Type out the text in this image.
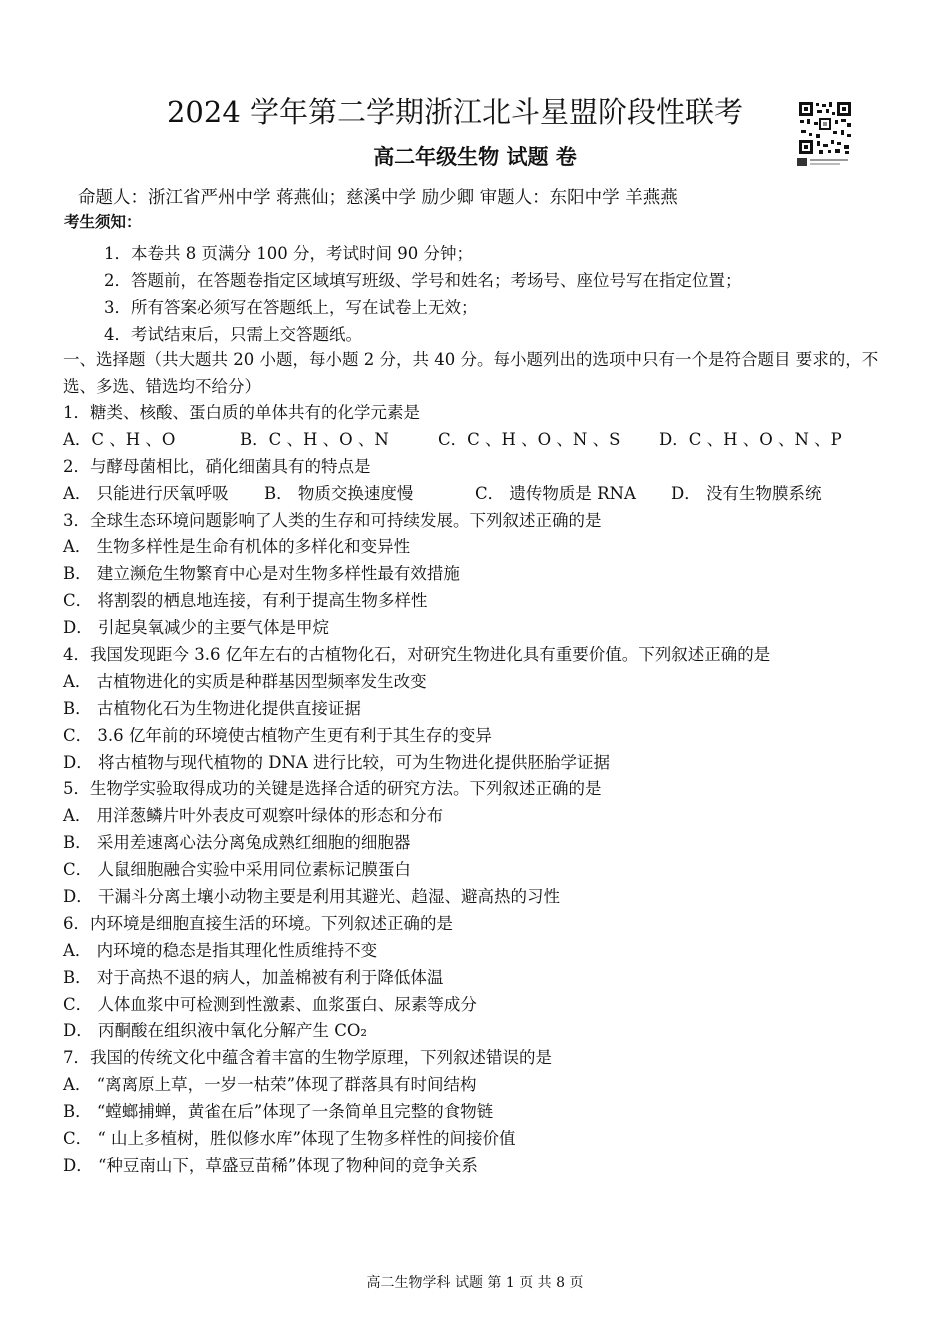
2024 学年第二学期浙江北斗星盟阶段性联考
高二年级生物 试题 卷
命题人：浙江省严州中学 蒋燕仙；慈溪中学 励少卿 审题人：东阳中学 羊燕燕
考生须知：
1．本卷共 8 页满分 100 分，考试时间 90 分钟；
2．答题前，在答题卷指定区域填写班级、学号和姓名；考场号、座位号写在指定位置；
3．所有答案必须写在答题纸上，写在试卷上无效；
4．考试结束后，只需上交答题纸。
一、选择题（共大题共 20 小题，每小题 2 分，共 40 分。每小题列出的选项中只有一个是符合题目 要求的，不选、多选、错选均不给分）
1．糖类、核酸、蛋白质的单体共有的化学元素是
A．C 、H 、O	B．C 、H 、O 、N	C．C 、H 、O 、N 、S D．C 、H 、O 、N 、P
2．与酵母菌相比，硝化细菌具有的特点是
A． 只能进行厌氧呼吸 B． 物质交换速度慢	C． 遗传物质是 RNA D． 没有生物膜系统
3．全球生态环境问题影响了人类的生存和可持续发展。下列叙述正确的是
A． 生物多样性是生命有机体的多样化和变异性
B． 建立濒危生物繁育中心是对生物多样性最有效措施
C． 将割裂的栖息地连接，有利于提高生物多样性
D． 引起臭氧减少的主要气体是甲烷
4．我国发现距今 3.6 亿年左右的古植物化石，对研究生物进化具有重要价值。下列叙述正确的是
A． 古植物进化的实质是种群基因型频率发生改变
B． 古植物化石为生物进化提供直接证据
C． 3.6 亿年前的环境使古植物产生更有利于其生存的变异
D． 将古植物与现代植物的 DNA 进行比较，可为生物进化提供胚胎学证据
5．生物学实验取得成功的关键是选择合适的研究方法。下列叙述正确的是
A． 用洋葱鳞片叶外表皮可观察叶绿体的形态和分布
B． 采用差速离心法分离兔成熟红细胞的细胞器
C． 人鼠细胞融合实验中采用同位素标记膜蛋白
D． 干漏斗分离土壤小动物主要是利用其避光、趋湿、避高热的习性
6．内环境是细胞直接生活的环境。下列叙述正确的是
A． 内环境的稳态是指其理化性质维持不变
B． 对于高热不退的病人，加盖棉被有利于降低体温
C． 人体血浆中可检测到性激素、血浆蛋白、尿素等成分
D． 丙酮酸在组织液中氧化分解产生 CO₂
7．我国的传统文化中蕴含着丰富的生物学原理，下列叙述错误的是
A． “离离原上草，一岁一枯荣”体现了群落具有时间结构
B． “螳螂捕蝉，黄雀在后”体现了一条简单且完整的食物链
C． “ 山上多植树，胜似修水库”体现了生物多样性的间接价值
D． “种豆南山下，草盛豆苗稀”体现了物种间的竞争关系
高二生物学科 试题 第 1 页 共 8 页
